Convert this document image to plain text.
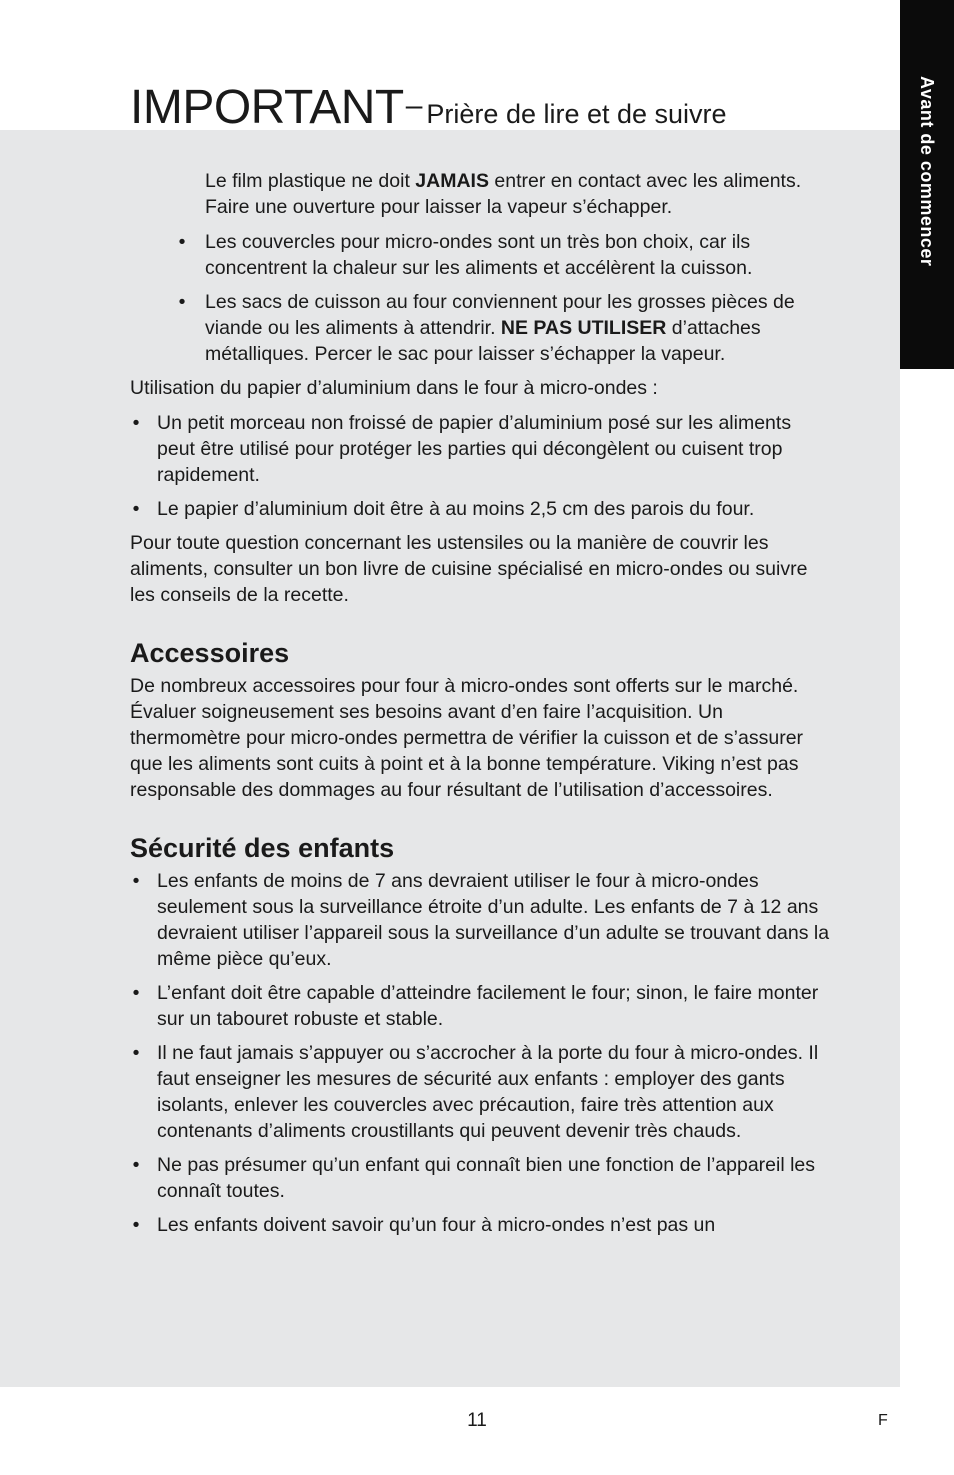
Avant de commencer
IMPORTANT– Prière de lire et de suivre

Le film plastique ne doit JAMAIS entrer en contact avec les aliments. Faire une ouverture pour laisser la vapeur s’échapper.

• Les couvercles pour micro-ondes sont un très bon choix, car ils concentrent la chaleur sur les aliments et accélèrent la cuisson.
• Les sacs de cuisson au four conviennent pour les grosses pièces de viande ou les aliments à attendrir. NE PAS UTILISER d’attaches métalliques. Percer le sac pour laisser s’échapper la vapeur.

Utilisation du papier d’aluminium dans le four à micro-ondes :

• Un petit morceau non froissé de papier d’aluminium posé sur les aliments peut être utilisé pour protéger les parties qui décongèlent ou cuisent trop rapidement.
• Le papier d’aluminium doit être à au moins 2,5 cm des parois du four.

Pour toute question concernant les ustensiles ou la manière de couvrir les aliments, consulter un bon livre de cuisine spécialisé en micro-ondes ou suivre les conseils de la recette.

Accessoires

De nombreux accessoires pour four à micro-ondes sont offerts sur le marché. Évaluer soigneusement ses besoins avant d’en faire l’acquisition. Un thermomètre pour micro-ondes permettra de vérifier la cuisson et de s’assurer que les aliments sont cuits à point et à la bonne température. Viking n’est pas responsable des dommages au four résultant de l’utilisation d’accessoires.

Sécurité des enfants
• Les enfants de moins de 7 ans devraient utiliser le four à micro-ondes seulement sous la surveillance étroite d’un adulte. Les enfants de 7 à 12 ans devraient utiliser l’appareil sous la surveillance d’un adulte se trouvant dans la même pièce qu’eux.
• L’enfant doit être capable d’atteindre facilement le four; sinon, le faire monter sur un tabouret robuste et stable.
• Il ne faut jamais s’appuyer ou s’accrocher à la porte du four à micro-ondes. Il faut enseigner les mesures de sécurité aux enfants : employer des gants isolants, enlever les couvercles avec précaution, faire très attention aux contenants d’aliments croustillants qui peuvent devenir très chauds.
• Ne pas présumer qu’un enfant qui connaît bien une fonction de l’appareil les connaît toutes.
• Les enfants doivent savoir qu’un four à micro-ondes n’est pas un
11	F
